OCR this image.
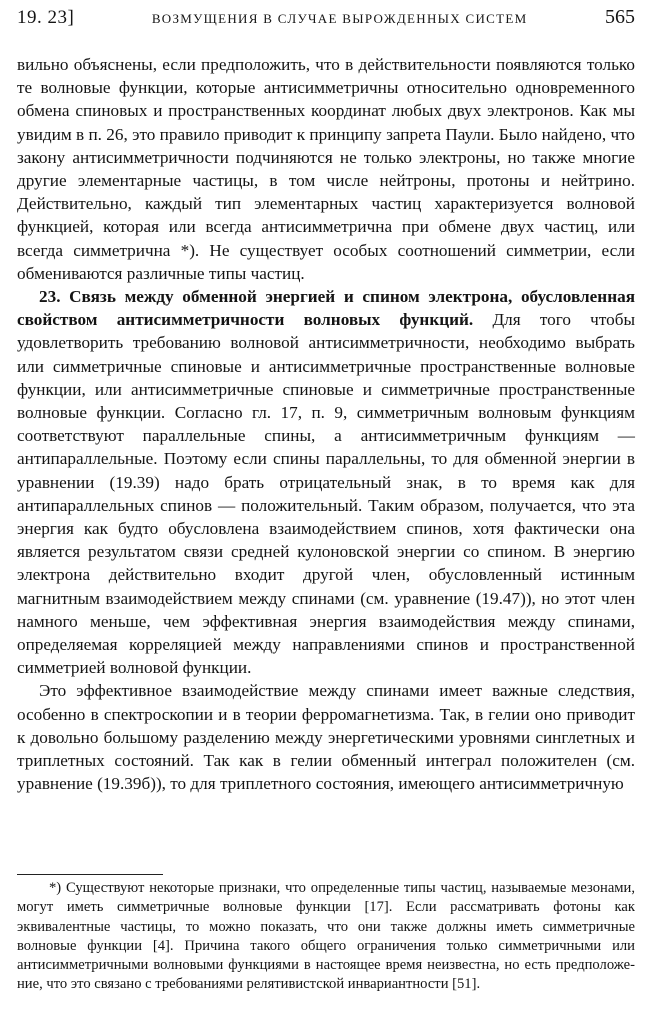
19. 23]	ВОЗМУЩЕНИЯ В СЛУЧАЕ ВЫРОЖДЕННЫХ СИСТЕМ	565

вильно объяснены, если предположить, что в действительности появляются только те волновые функции, которые антисимметричны относительно одновременного обмена спиновых и пространственных координат любых двух электронов. Как мы увидим в п. 26, это правило приводит к принципу запрета Паули. Было найдено, что закону антисимметричности подчиняются не только электроны, но также многие другие элементарные частицы, в том числе нейтроны, протоны и нейтрино. Действительно, каждый тип элементарных частиц характеризуется волновой функцией, которая или всегда антисимметрична при обмене двух частиц, или всегда симметрична *). Не существует особых соотношений симметрии, если обмениваются различные типы частиц.

23. Связь между обменной энергией и спином электрона, обусловленная свойством антисимметричности волновых функций. Для того чтобы удовлетворить требованию волновой антисимметричности, необходимо выбрать или симметричные спиновые и антисимметричные пространственные волновые функции, или антисимметричные спиновые и симметричные пространственные волновые функции. Согласно гл. 17, п. 9, симметричным волновым функциям соответствуют параллельные спины, а антисимметричным функциям — антипараллельные. Поэтому если спины параллельны, то для обменной энергии в уравнении (19.39) надо брать отрицательный знак, в то время как для антипараллельных спинов — положительный. Таким образом, получается, что эта энергия как будто обусловлена взаимодействием спинов, хотя фактически она является результатом связи средней кулоновской энергии со спином. В энергию электрона действительно входит другой член, обусловленный истинным магнитным взаимодействием между спинами (см. уравнение (19.47)), но этот член намного меньше, чем эффективная энергия взаимодействия между спинами, определяемая корреляцией между направлениями спинов и пространственной симметрией волновой функции.

Это эффективное взаимодействие между спинами имеет важные следствия, особенно в спектроскопии и в теории ферромагнетизма. Так, в гелии оно приводит к довольно большому разделению между энергетическими уровнями синглетных и триплетных состояний. Так как в гелии обменный интеграл положителен (см. уравнение (19.39б)), то для триплетного состояния, имеющего антисимметричную

*) Существуют некоторые признаки, что определенные типы частиц, называемые мезонами, могут иметь симметричные волновые функции [17]. Если рассматривать фотоны как эквивалентные частицы, то можно показать, что они также должны иметь симметричные волновые функции [4]. Причина такого общего ограничения только симметричными или антисимметричными волновыми функциями в настоящее время неизвестна, но есть предположение, что это связано с требованиями релятивистской инвариантности [51].
